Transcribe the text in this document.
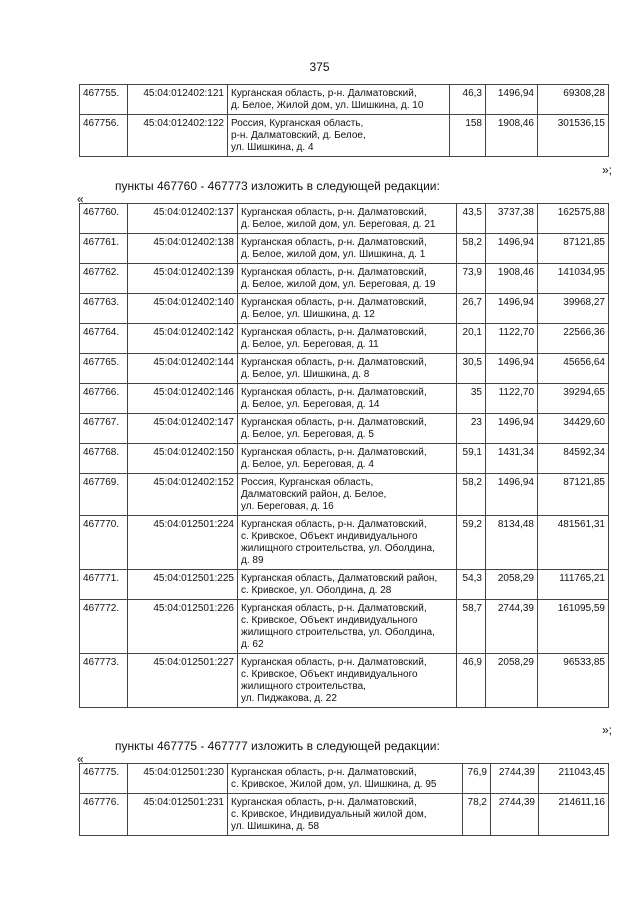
375
467755.	45:04:012402:121	Курганская область, р-н. Далматовский,
д. Белое, Жилой дом, ул. Шишкина, д. 10	46,3	1496,94	69308,28
467756.	45:04:012402:122	Россия, Курганская область,
р-н. Далматовский, д. Белое,
ул. Шишкина, д. 4	158	1908,46	301536,15
»;
пункты 467760 - 467773 изложить в следующей редакции:
«
467760.	45:04:012402:137	Курганская область, р-н. Далматовский,
д. Белое, жилой дом, ул. Береговая, д. 21	43,5	3737,38	162575,88
467761.	45:04:012402:138	Курганская область, р-н. Далматовский,
д. Белое, жилой дом, ул. Шишкина, д. 1	58,2	1496,94	87121,85
467762.	45:04:012402:139	Курганская область, р-н. Далматовский,
д. Белое, жилой дом, ул. Береговая, д. 19	73,9	1908,46	141034,95
467763.	45:04:012402:140	Курганская область, р-н. Далматовский,
д. Белое, ул. Шишкина, д. 12	26,7	1496,94	39968,27
467764.	45:04:012402:142	Курганская область, р-н. Далматовский,
д. Белое, ул. Береговая, д. 11	20,1	1122,70	22566,36
467765.	45:04:012402:144	Курганская область, р-н. Далматовский,
д. Белое, ул. Шишкина, д. 8	30,5	1496,94	45656,64
467766.	45:04:012402:146	Курганская область, р-н. Далматовский,
д. Белое, ул. Береговая, д. 14	35	1122,70	39294,65
467767.	45:04:012402:147	Курганская область, р-н. Далматовский,
д. Белое, ул. Береговая, д. 5	23	1496,94	34429,60
467768.	45:04:012402:150	Курганская область, р-н. Далматовский,
д. Белое, ул. Береговая, д. 4	59,1	1431,34	84592,34
467769.	45:04:012402:152	Россия, Курганская область,
Далматовский район, д. Белое,
ул. Береговая, д. 16	58,2	1496,94	87121,85
467770.	45:04:012501:224	Курганская область, р-н. Далматовский,
с. Кривское, Объект индивидуального
жилищного строительства, ул. Оболдина,
д. 89	59,2	8134,48	481561,31
467771.	45:04:012501:225	Курганская область, Далматовский район,
с. Кривское, ул. Оболдина, д. 28	54,3	2058,29	111765,21
467772.	45:04:012501:226	Курганская область, р-н. Далматовский,
с. Кривское, Объект индивидуального
жилищного строительства, ул. Оболдина,
д. 62	58,7	2744,39	161095,59
467773.	45:04:012501:227	Курганская область, р-н. Далматовский,
с. Кривское, Объект индивидуального
жилищного строительства,
ул. Пиджакова, д. 22	46,9	2058,29	96533,85
»;
пункты 467775 - 467777 изложить в следующей редакции:
«
467775.	45:04:012501:230	Курганская область, р-н. Далматовский,
с. Кривское, Жилой дом, ул. Шишкина, д. 95	76,9	2744,39	211043,45
467776.	45:04:012501:231	Курганская область, р-н. Далматовский,
с. Кривское, Индивидуальный жилой дом,
ул. Шишкина, д. 58	78,2	2744,39	214611,16
